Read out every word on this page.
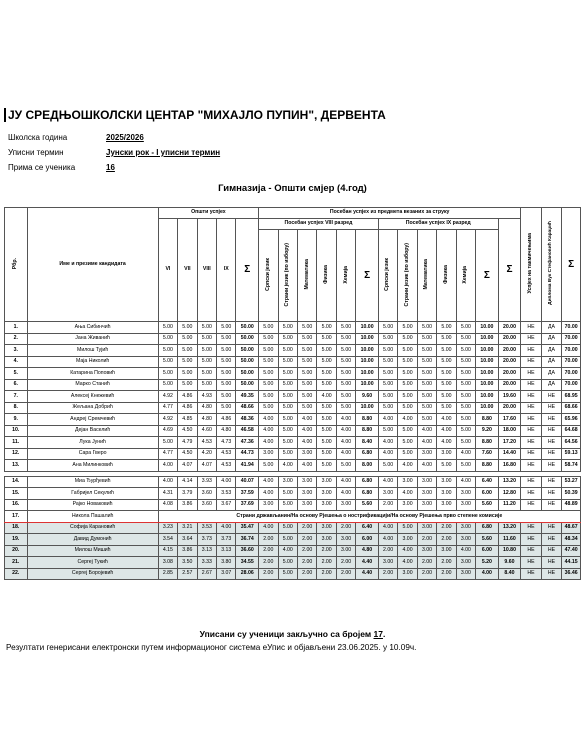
ЈУ СРЕДЊОШКОЛСКИ ЦЕНТАР "МИХАЈЛО ПУПИН", ДЕРВЕНТА
Школска година	2025/2026
Уписни термин	Јунски рок - I уписни термин
Прима се ученика	16
Гимназија - Општи смјер (4.год)
Рбр.	Име и презиме кандидата	Општи успјех					Посебан успјех из предмета везаних за струку													Успјех на такмичењима	Диплома Вук Стефановић Караџић	Σ
		VI	VII	VIII	IX	Σ	Посебан успјех VIII разред						Посебан успјех IX разред						Σ			
							Српски језик	Страни језик (по избору)	Математика	Физика	Хемија	Σ	Српски језик	Страни језик (по избору)	Математика	Физика	Хемија	Σ				
1.	Ања Сибинчић	5.00	5.00	5.00	5.00	50.00	5.00	5.00	5.00	5.00	5.00	10.00	5.00	5.00	5.00	5.00	5.00	10.00	20.00	НЕ	ДА	70.00
2.	Јана Живанић	5.00	5.00	5.00	5.00	50.00	5.00	5.00	5.00	5.00	5.00	10.00	5.00	5.00	5.00	5.00	5.00	10.00	20.00	НЕ	ДА	70.00
3.	Милош Тујић	5.00	5.00	5.00	5.00	50.00	5.00	5.00	5.00	5.00	5.00	10.00	5.00	5.00	5.00	5.00	5.00	10.00	20.00	НЕ	ДА	70.00
4.	Маја Николић	5.00	5.00	5.00	5.00	50.00	5.00	5.00	5.00	5.00	5.00	10.00	5.00	5.00	5.00	5.00	5.00	10.00	20.00	НЕ	ДА	70.00
5.	Катарина Поповић	5.00	5.00	5.00	5.00	50.00	5.00	5.00	5.00	5.00	5.00	10.00	5.00	5.00	5.00	5.00	5.00	10.00	20.00	НЕ	ДА	70.00
6.	Марко Станић	5.00	5.00	5.00	5.00	50.00	5.00	5.00	5.00	5.00	5.00	10.00	5.00	5.00	5.00	5.00	5.00	10.00	20.00	НЕ	ДА	70.00
7.	Алексеј Кнежевић	4.92	4.86	4.93	5.00	49.35	5.00	5.00	5.00	4.00	5.00	9.60	5.00	5.00	5.00	5.00	5.00	10.00	19.60	НЕ	НЕ	68.95
8.	Жељана Добрић	4.77	4.86	4.80	5.00	48.66	5.00	5.00	5.00	5.00	5.00	10.00	5.00	5.00	5.00	5.00	5.00	10.00	20.00	НЕ	НЕ	68.66
9.	Андреј Сремчевић	4.92	4.85	4.80	4.86	48.36	4.00	5.00	4.00	5.00	4.00	8.80	4.00	4.00	5.00	4.00	5.00	8.80	17.60	НЕ	НЕ	65.96
10.	Дејан Васелић	4.69	4.50	4.60	4.80	46.58	4.00	5.00	4.00	5.00	4.00	8.80	5.00	5.00	4.00	4.00	5.00	9.20	18.00	НЕ	НЕ	64.68
11.	Лука Јунић	5.00	4.79	4.53	4.73	47.36	4.00	5.00	4.00	5.00	4.00	8.40	4.00	5.00	4.00	4.00	5.00	8.80	17.20	НЕ	НЕ	64.56
12.	Сара Гверо	4.77	4.50	4.20	4.53	44.73	3.00	5.00	3.00	5.00	4.00	6.80	4.00	5.00	3.00	3.00	4.00	7.60	14.40	НЕ	НЕ	59.13
13.	Ана Милинковић	4.00	4.07	4.07	4.53	41.94	5.00	4.00	4.00	5.00	5.00	8.00	5.00	4.00	4.00	5.00	5.00	8.80	16.80	НЕ	НЕ	58.74

14.	Миа Ђурђевић	4.00	4.14	3.93	4.00	40.07	4.00	3.00	3.00	3.00	4.00	6.80	4.00	3.00	3.00	3.00	4.00	6.40	13.20	НЕ	НЕ	53.27
15.	Габријел Секулић	4.31	3.79	3.60	3.53	37.59	4.00	5.00	3.00	3.00	4.00	6.80	3.00	4.00	3.00	3.00	3.00	6.00	12.80	НЕ	НЕ	50.39
16.	Рајко Новаковић	4.08	3.86	3.60	3.67	37.69	3.00	5.00	3.00	3.00	3.00	5.60	2.00	3.00	3.00	3.00	3.00	5.60	11.20	НЕ	НЕ	48.89
17.	Никола Пашалић	Страни држављанин/На основу Рјешења о нострификацији/На основу Рјешења прво степене комисије																				
18.	Софија Карановић	3.23	3.21	3.53	4.00	35.47	4.00	5.00	2.00	3.00	2.00	6.40	4.00	5.00	3.00	2.00	3.00	6.80	13.20	НЕ	НЕ	48.67
19.	Давид Думонић	3.54	3.64	3.73	3.73	36.74	2.00	5.00	2.00	3.00	3.00	6.00	4.00	3.00	2.00	2.00	3.00	5.60	11.60	НЕ	НЕ	48.34
20.	Милош Мишић	4.15	3.86	3.13	3.13	36.60	2.00	4.00	2.00	2.00	3.00	4.80	2.00	4.00	3.00	3.00	4.00	6.00	10.80	НЕ	НЕ	47.40
21.	Сергеј Тукић	3.08	3.50	3.33	3.80	34.55	2.00	5.00	2.00	2.00	2.00	4.40	3.00	4.00	2.00	2.00	3.00	5.20	9.60	НЕ	НЕ	44.15
22.	Сергеј Боројевић	2.85	2.57	2.67	3.07	28.06	2.00	5.00	2.00	2.00	2.00	4.40	2.00	3.00	2.00	2.00	3.00	4.00	8.40	НЕ	НЕ	36.46
Уписани су ученици закључно са бројем 17.
Резултати генерисани електронски путем информационог система еУпис и објављени 23.06.2025. у 10.09ч.
